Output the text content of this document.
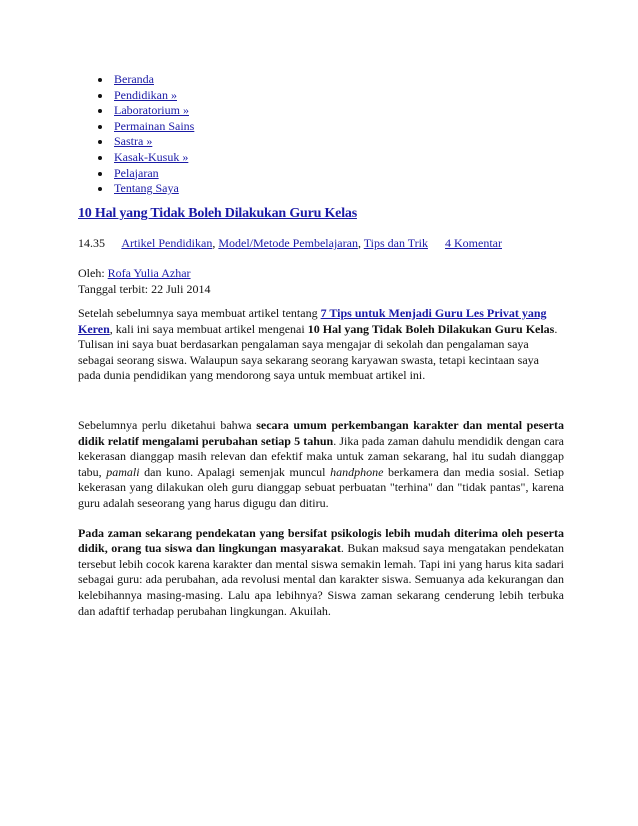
• Beranda
• Pendidikan »
• Laboratorium »
• Permainan Sains
• Sastra »
• Kasak-Kusuk »
• Pelajaran
• Tentang Saya
10 Hal yang Tidak Boleh Dilakukan Guru Kelas
14.35 Artikel Pendidikan, Model/Metode Pembelajaran, Tips dan Trik 4 Komentar
Oleh: Rofa Yulia Azhar
Tanggal terbit: 22 Juli 2014

Setelah sebelumnya saya membuat artikel tentang 7 Tips untuk Menjadi Guru Les Privat yang Keren, kali ini saya membuat artikel mengenai 10 Hal yang Tidak Boleh Dilakukan Guru Kelas. Tulisan ini saya buat berdasarkan pengalaman saya mengajar di sekolah dan pengalaman saya sebagai seorang siswa. Walaupun saya sekarang seorang karyawan swasta, tetapi kecintaan saya pada dunia pendidikan yang mendorong saya untuk membuat artikel ini.

Sebelumnya perlu diketahui bahwa secara umum perkembangan karakter dan mental peserta didik relatif mengalami perubahan setiap 5 tahun. Jika pada zaman dahulu mendidik dengan cara kekerasan dianggap masih relevan dan efektif maka untuk zaman sekarang, hal itu sudah dianggap tabu, pamali dan kuno. Apalagi semenjak muncul handphone berkamera dan media sosial. Setiap kekerasan yang dilakukan oleh guru dianggap sebuat perbuatan "terhina" dan "tidak pantas", karena guru adalah seseorang yang harus digugu dan ditiru.

Pada zaman sekarang pendekatan yang bersifat psikologis lebih mudah diterima oleh peserta didik, orang tua siswa dan lingkungan masyarakat. Bukan maksud saya mengatakan pendekatan tersebut lebih cocok karena karakter dan mental siswa semakin lemah. Tapi ini yang harus kita sadari sebagai guru: ada perubahan, ada revolusi mental dan karakter siswa. Semuanya ada kekurangan dan kelebihannya masing-masing. Lalu apa lebihnya? Siswa zaman sekarang cenderung lebih terbuka dan adaftif terhadap perubahan lingkungan. Akuilah.
